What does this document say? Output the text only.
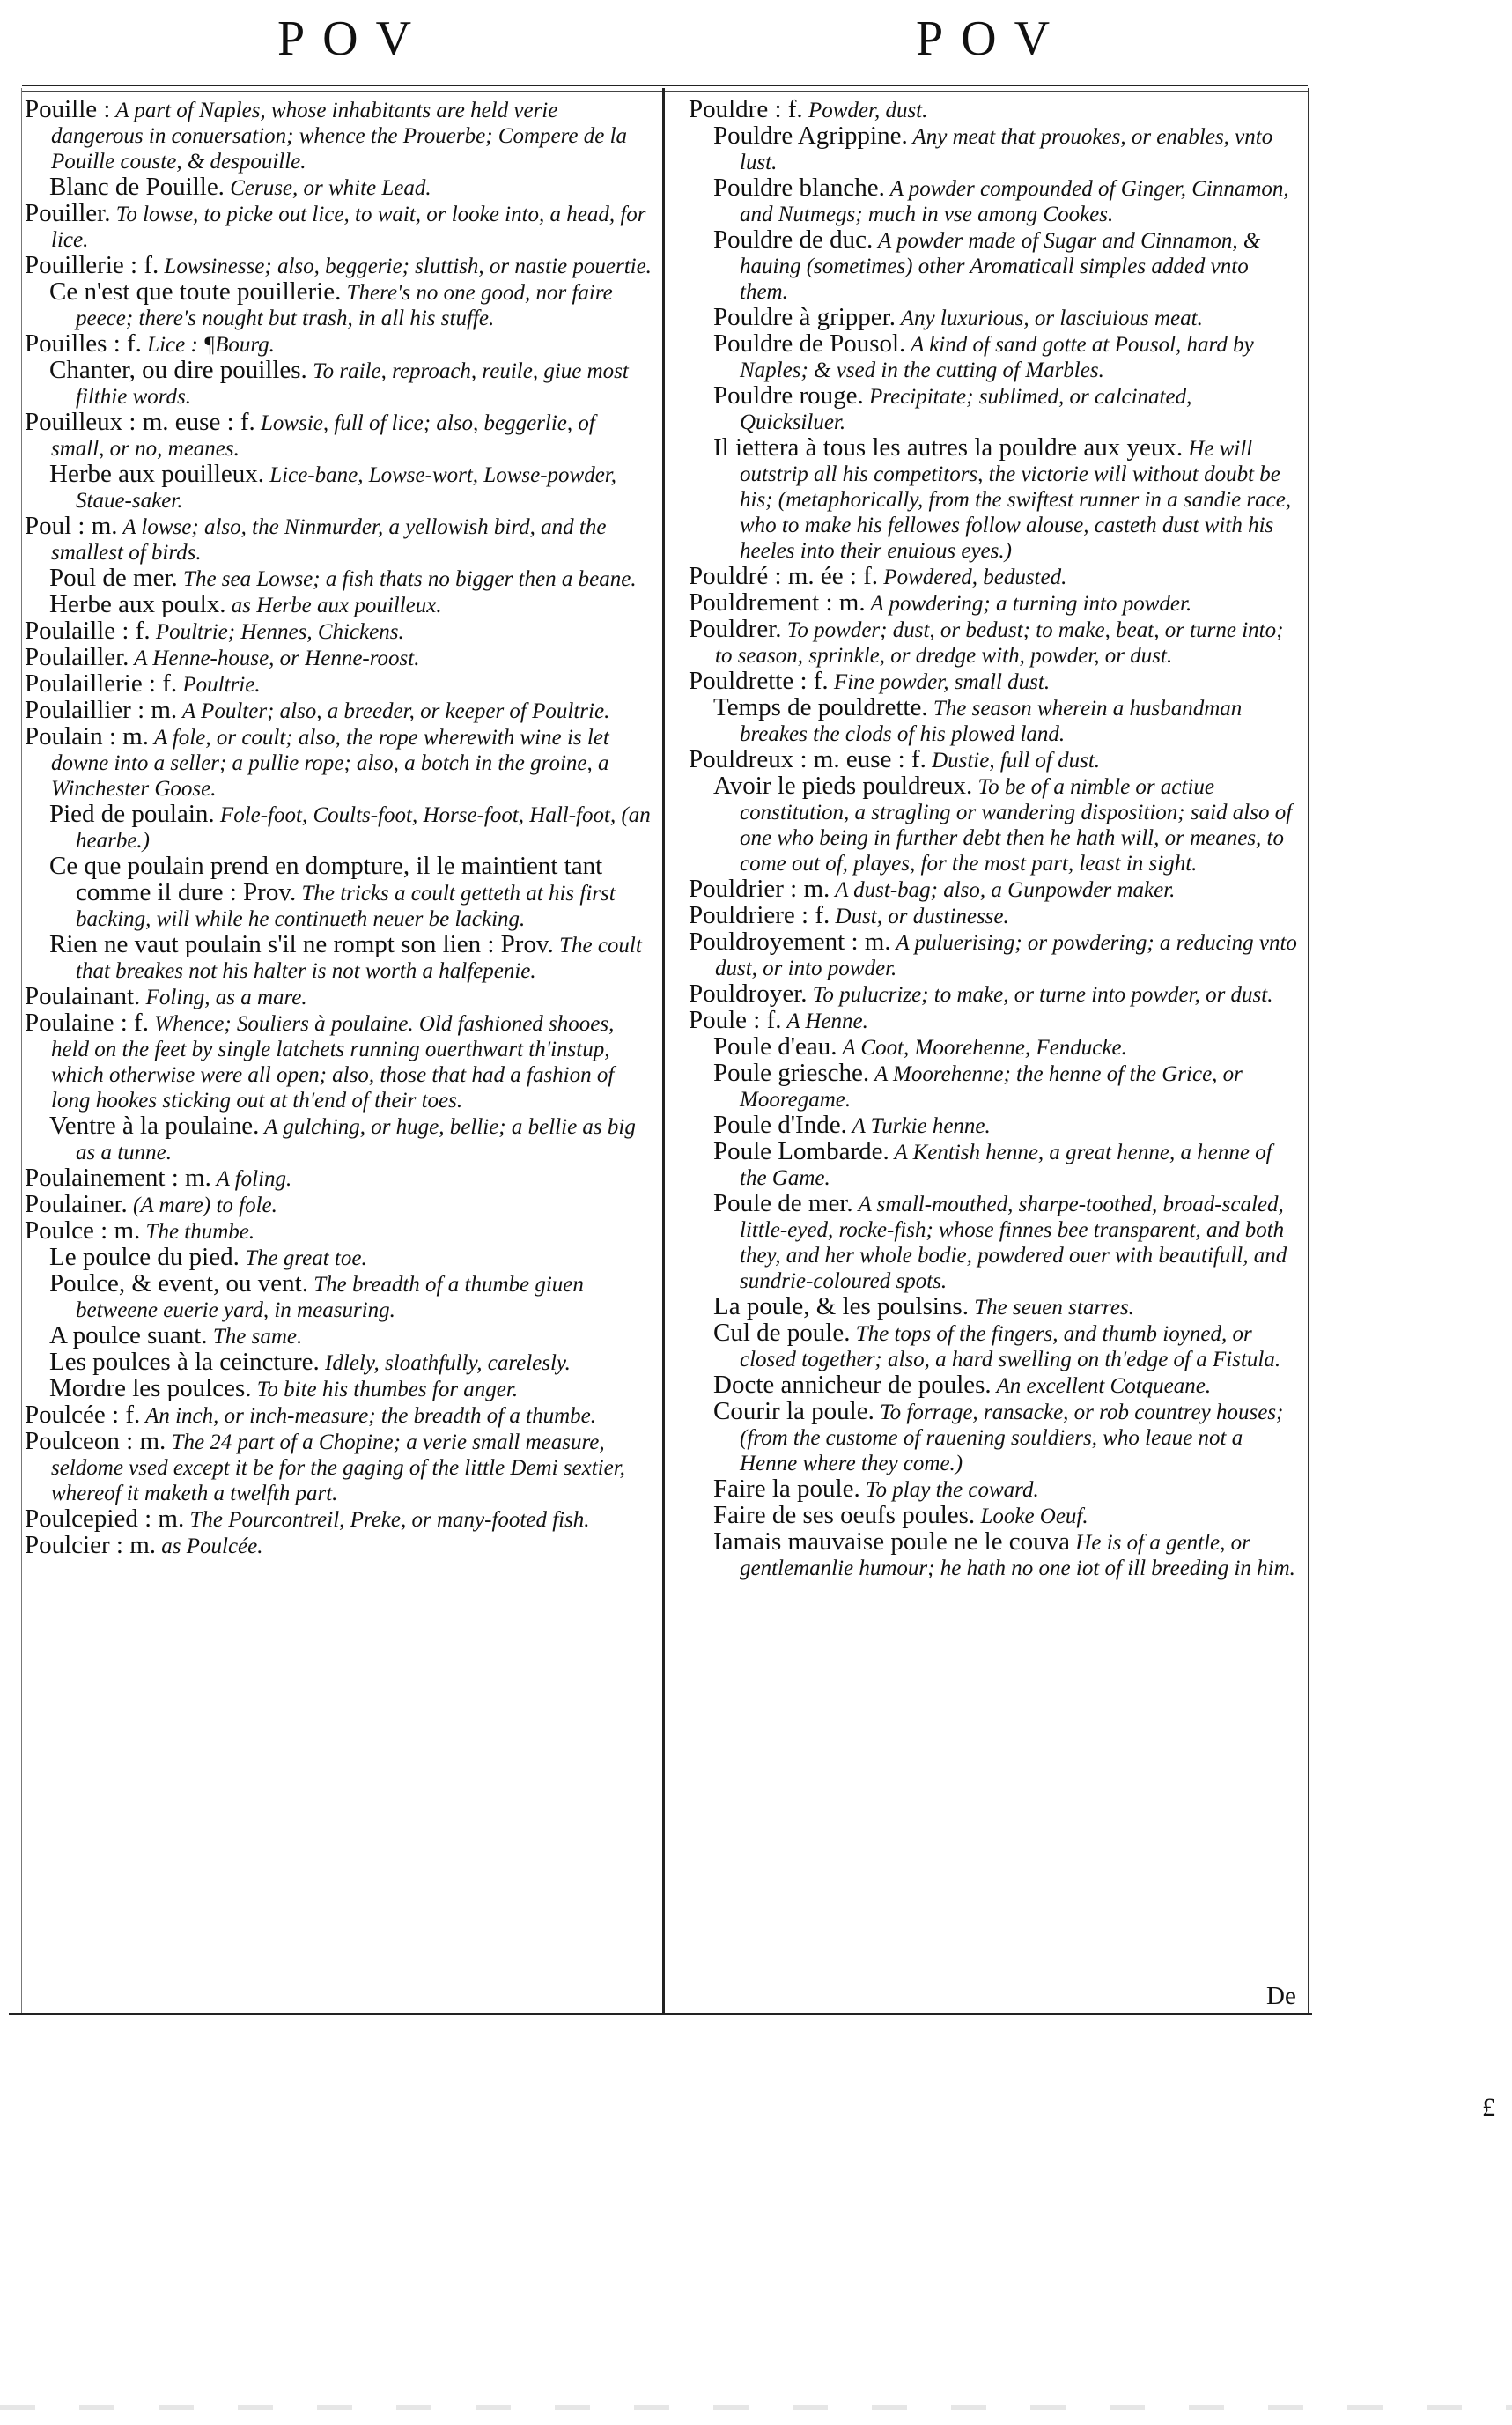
POV	POV

Pouille : A part of Naples, whose inhabitants are held verie dangerous in conuersation; whence the Prouerbe; Compere de la Pouille couste, & despouille.

Blanc de Pouille. Ceruse, or white Lead.

Pouiller. To lowse, to picke out lice, to wait, or looke into, a head, for lice.

Pouillerie : f. Lowsinesse; also, beggerie; sluttish, or nastie pouertie.

Ce n'est que toute pouillerie. There's no one good, nor faire peece; there's nought but trash, in all his stuffe.

Pouilles : f. Lice : ¶Bourg.

Chanter, ou dire pouilles. To raile, reproach, reuile, giue most filthie words.

Pouilleux : m. euse : f. Lowsie, full of lice; also, beggerlie, of small, or no, meanes.

Herbe aux pouilleux. Lice-bane, Lowse-wort, Lowse-powder, Staue-saker.

Poul : m. A lowse; also, the Ninmurder, a yellowish bird, and the smallest of birds.

Poul de mer. The sea Lowse; a fish thats no bigger then a beane.

Herbe aux poulx. as Herbe aux pouilleux.

Poulaille : f. Poultrie; Hennes, Chickens.

Poulailler. A Henne-house, or Henne-roost.

Poulaillerie : f. Poultrie.

Poulaillier : m. A Poulter; also, a breeder, or keeper of Poultrie.

Poulain : m. A fole, or coult; also, the rope wherewith wine is let downe into a seller; a pullie rope; also, a botch in the groine, a Winchester Goose.

Pied de poulain. Fole-foot, Coults-foot, Horse-foot, Hall-foot, (an hearbe.)

Ce que poulain prend en dompture, il le maintient tant comme il dure : Prov. The tricks a coult getteth at his first backing, will while he continueth neuer be lacking.

Rien ne vaut poulain s'il ne rompt son lien : Prov. The coult that breakes not his halter is not worth a halfepenie.

Poulainant. Foling, as a mare.

Poulaine : f. Whence; Souliers à poulaine. Old fashioned shooes, held on the feet by single latchets running ouerthwart th'instup, which otherwise were all open; also, those that had a fashion of long hookes sticking out at th'end of their toes.

Ventre à la poulaine. A gulching, or huge, bellie; a bellie as big as a tunne.

Poulainement : m. A foling.

Poulainer. (A mare) to fole.

Poulce : m. The thumbe.

Le poulce du pied. The great toe.

Poulce, & event, ou vent. The breadth of a thumbe giuen betweene euerie yard, in measuring.

A poulce suant. The same.

Les poulces à la ceincture. Idlely, sloathfully, carelesly.

Mordre les poulces. To bite his thumbes for anger.

Poulcée : f. An inch, or inch-measure; the breadth of a thumbe.

Poulceon : m. The 24 part of a Chopine; a verie small measure, seldome vsed except it be for the gaging of the little Demi sextier, whereof it maketh a twelfth part.

Poulcepied : m. The Pourcontreil, Preke, or many-footed fish.

Poulcier : m. as Poulcée.

Pouldre : f. Powder, dust.

Pouldre Agrippine. Any meat that prouokes, or enables, vnto lust.

Pouldre blanche. A powder compounded of Ginger, Cinnamon, and Nutmegs; much in vse among Cookes.

Pouldre de duc. A powder made of Sugar and Cinnamon, & hauing (sometimes) other Aromaticall simples added vnto them.

Pouldre à gripper. Any luxurious, or lasciuious meat.

Pouldre de Pousol. A kind of sand gotte at Pousol, hard by Naples; & vsed in the cutting of Marbles.

Pouldre rouge. Precipitate; sublimed, or calcinated, Quicksiluer.

Il iettera à tous les autres la pouldre aux yeux. He will outstrip all his competitors, the victorie will without doubt be his; (metaphorically, from the swiftest runner in a sandie race, who to make his fellowes follow alouse, casteth dust with his heeles into their enuious eyes.)

Pouldré : m. ée : f. Powdered, bedusted.

Pouldrement : m. A powdering; a turning into powder.

Pouldrer. To powder; dust, or bedust; to make, beat, or turne into; to season, sprinkle, or dredge with, powder, or dust.

Pouldrette : f. Fine powder, small dust.

Temps de pouldrette. The season wherein a husbandman breakes the clods of his plowed land.

Pouldreux : m. euse : f. Dustie, full of dust.

Avoir le pieds pouldreux. To be of a nimble or actiue constitution, a stragling or wandering disposition; said also of one who being in further debt then he hath will, or meanes, to come out of, playes, for the most part, least in sight.

Pouldrier : m. A dust-bag; also, a Gunpowder maker.

Pouldriere : f. Dust, or dustinesse.

Pouldroyement : m. A puluerising; or powdering; a reducing vnto dust, or into powder.

Pouldroyer. To pulucrize; to make, or turne into powder, or dust.

Poule : f. A Henne.

Poule d'eau. A Coot, Moorehenne, Fenducke.

Poule griesche. A Moorehenne; the henne of the Grice, or Mooregame.

Poule d'Inde. A Turkie henne.

Poule Lombarde. A Kentish henne, a great henne, a henne of the Game.

Poule de mer. A small-mouthed, sharpe-toothed, broad-scaled, little-eyed, rocke-fish; whose finnes bee transparent, and both they, and her whole bodie, powdered ouer with beautifull, and sundrie-coloured spots.

La poule, & les poulsins. The seuen starres.

Cul de poule. The tops of the fingers, and thumb ioyned, or closed together; also, a hard swelling on th'edge of a Fistula.

Docte annicheur de poules. An excellent Cotqueane.

Courir la poule. To forrage, ransacke, or rob countrey houses; (from the custome of rauening souldiers, who leaue not a Henne where they come.)

Faire la poule. To play the coward.

Faire de ses oeufs poules. Looke Oeuf.

Iamais mauvaise poule ne le couva He is of a gentle, or gentlemanlie humour; he hath no one iot of ill breeding in him.

De
£
